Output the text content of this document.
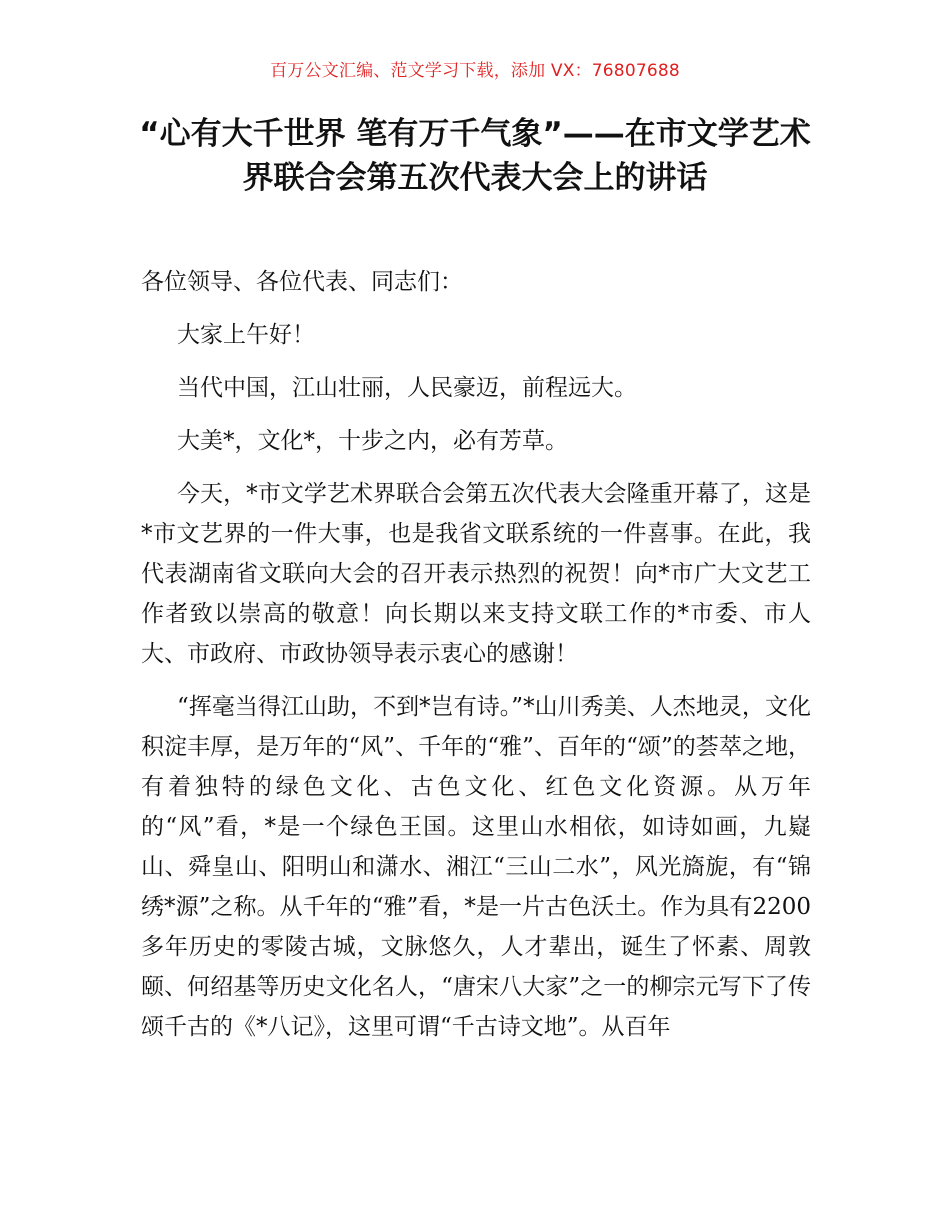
百万公文汇编、范文学习下载，添加 VX：76807688
“心有大千世界 笔有万千气象”——在市文学艺术界联合会第五次代表大会上的讲话

各位领导、各位代表、同志们：

大家上午好！

当代中国，江山壮丽，人民豪迈，前程远大。

大美*，文化*，十步之内，必有芳草。

今天，*市文学艺术界联合会第五次代表大会隆重开幕了，这是*市文艺界的一件大事，也是我省文联系统的一件喜事。在此，我代表湖南省文联向大会的召开表示热烈的祝贺！向*市广大文艺工作者致以崇高的敬意！向长期以来支持文联工作的*市委、市人大、市政府、市政协领导表示衷心的感谢！

“挥毫当得江山助，不到*岂有诗。”*山川秀美、人杰地灵，文化积淀丰厚，是万年的“风”、千年的“雅”、百年的“颂”的荟萃之地，有着独特的绿色文化、古色文化、红色文化资源。从万年的“风”看，*是一个绿色王国。这里山水相依，如诗如画，九嶷山、舜皇山、阳明山和潇水、湘江“三山二水”，风光旖旎，有“锦绣*源”之称。从千年的“雅”看，*是一片古色沃土。作为具有2200多年历史的零陵古城，文脉悠久，人才辈出，诞生了怀素、周敦颐、何绍基等历史文化名人，“唐宋八大家”之一的柳宗元写下了传颂千古的《*八记》，这里可谓“千古诗文地”。从百年
